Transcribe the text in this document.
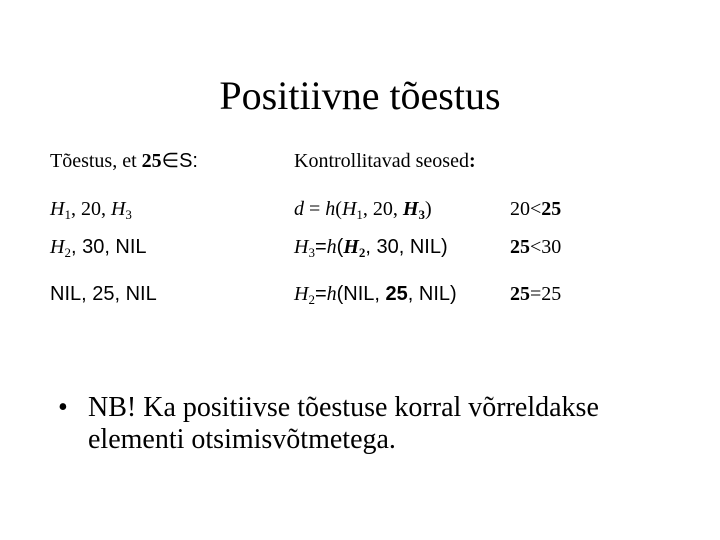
Positiivne tõestus
Tõestus, et 25∈S:	Kontrollitavad seosed:
$H_1$, 20, $H_3$	$d = h(H_1$, 20, $H_3$)	20<25
$H_2$, 30, NIL	$H_3=h(H_2$, 30, NIL)	25<30
NIL, 25, NIL	$H_2=h(NIL$, 25, NIL)	25=25
• NB! Ka positiivse tõestuse korral võrreldakse elementi otsimisvõtmetega.
